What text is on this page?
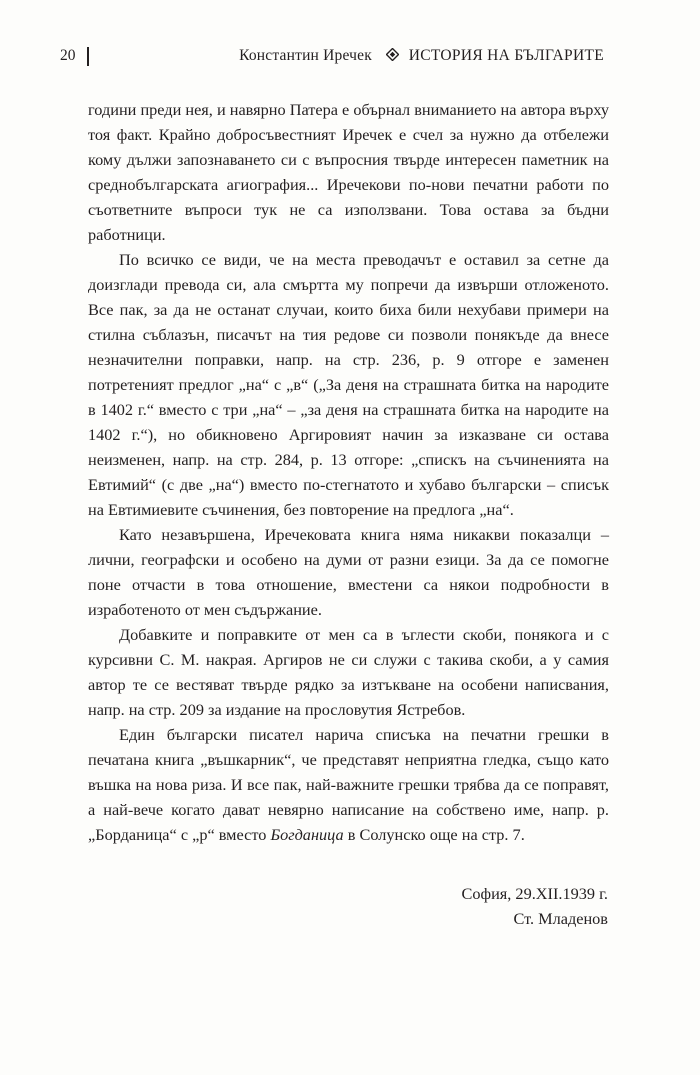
20	Константин Иречек ИСТОРИЯ НА БЪЛГАРИТЕ

години преди нея, и навярно Патера е обърнал вниманието на автора върху тоя факт. Крайно добросъвестният Иречек е счел за нужно да отбележи кому дължи запознаването си с въпросния твърде интересен паметник на среднобългарската агиография... Иречекови по-нови печатни работи по съответните въпроси тук не са използвани. Това остава за бъдни работници.

По всичко се види, че на места преводачът е оставил за сетне да доизглади превода си, ала смъртта му попречи да извърши отложеното. Все пак, за да не останат случаи, които биха били нехубави примери на стилна съблазън, писачът на тия редове си позволи понякъде да внесе незначителни поправки, напр. на стр. 236, р. 9 отгоре е заменен потретеният предлог „на“ с „в“ („За деня на страшната битка на народите в 1402 г.“ вместо с три „на“ – „за деня на страшната битка на народите на 1402 г.“), но обикновено Аргировият начин за изказване си остава неизменен, напр. на стр. 284, р. 13 отгоре: „спискъ на съчиненията на Евтимий“ (с две „на“) вместо по-стегнатото и хубаво български – списък на Евтимиевите съчинения, без повторение на предлога „на“.

Като незавършена, Иречековата книга няма никакви показалци – лични, географски и особено на думи от разни езици. За да се помогне поне отчасти в това отношение, вместени са някои подробности в изработеното от мен съдържание.

Добавките и поправките от мен са в ъглести скоби, понякога и с курсивни С. М. накрая. Аргиров не си служи с такива скоби, а у самия автор те се вестяват твърде рядко за изтъкване на особени написвания, напр. на стр. 209 за издание на прословутия Ястребов.

Един български писател нарича списъка на печатни грешки в печатана книга „въшкарник“, че представят неприятна гледка, също като въшка на нова риза. И все пак, най-важните грешки трябва да се поправят, а най-вече когато дават невярно написание на собствено име, напр. р. „Борданица“ с „р“ вместо Богданица в Солунско още на стр. 7.

София, 29.XII.1939 г.
Ст. Младенов
